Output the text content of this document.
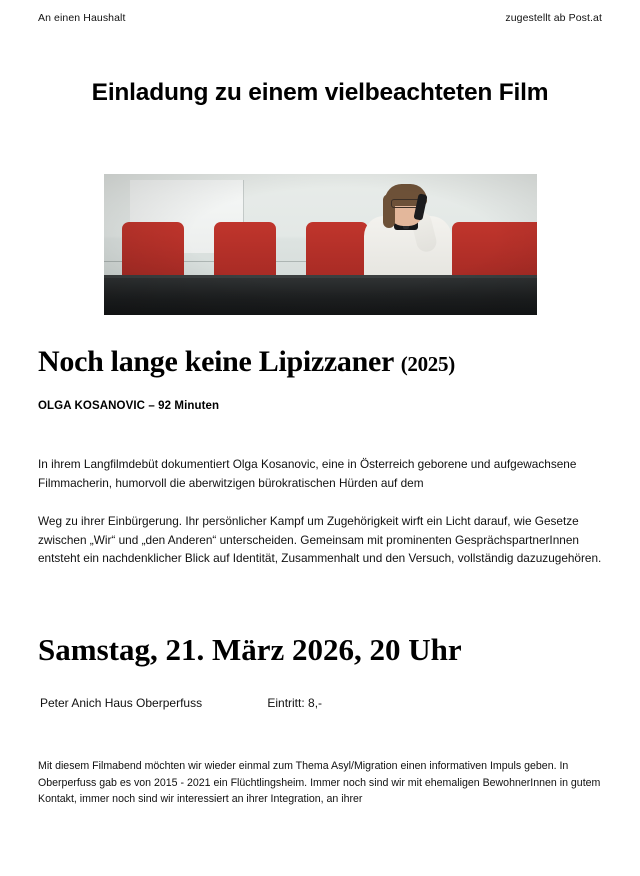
An einen Haushalt	zugestellt ab Post.at
Einladung zu einem vielbeachteten Film
Noch lange keine Lipizzaner (2025)
OLGA KOSANOVIC – 92 Minuten
In ihrem Langfilmdebüt dokumentiert Olga Kosanovic, eine in Österreich geborene und aufgewachsene Filmmacherin, humorvoll die aberwitzigen bürokratischen Hürden auf dem
Weg zu ihrer Einbürgerung. Ihr persönlicher Kampf um Zugehörigkeit wirft ein Licht darauf, wie Gesetze zwischen „Wir“ und „den Anderen“ unterscheiden. Gemeinsam mit prominenten GesprächspartnerInnen entsteht ein nachdenklicher Blick auf Identität, Zusammenhalt und den Versuch, vollständig dazuzugehören.
Samstag, 21. März 2026, 20 Uhr
Peter Anich Haus Oberperfuss	Eintritt: 8,-
Mit diesem Filmabend möchten wir wieder einmal zum Thema Asyl/Migration einen informativen Impuls geben. In Oberperfuss gab es von 2015 - 2021 ein Flüchtlingsheim. Immer noch sind wir mit ehemaligen BewohnerInnen in gutem Kontakt, immer noch sind wir interessiert an ihrer Integration, an ihrer
